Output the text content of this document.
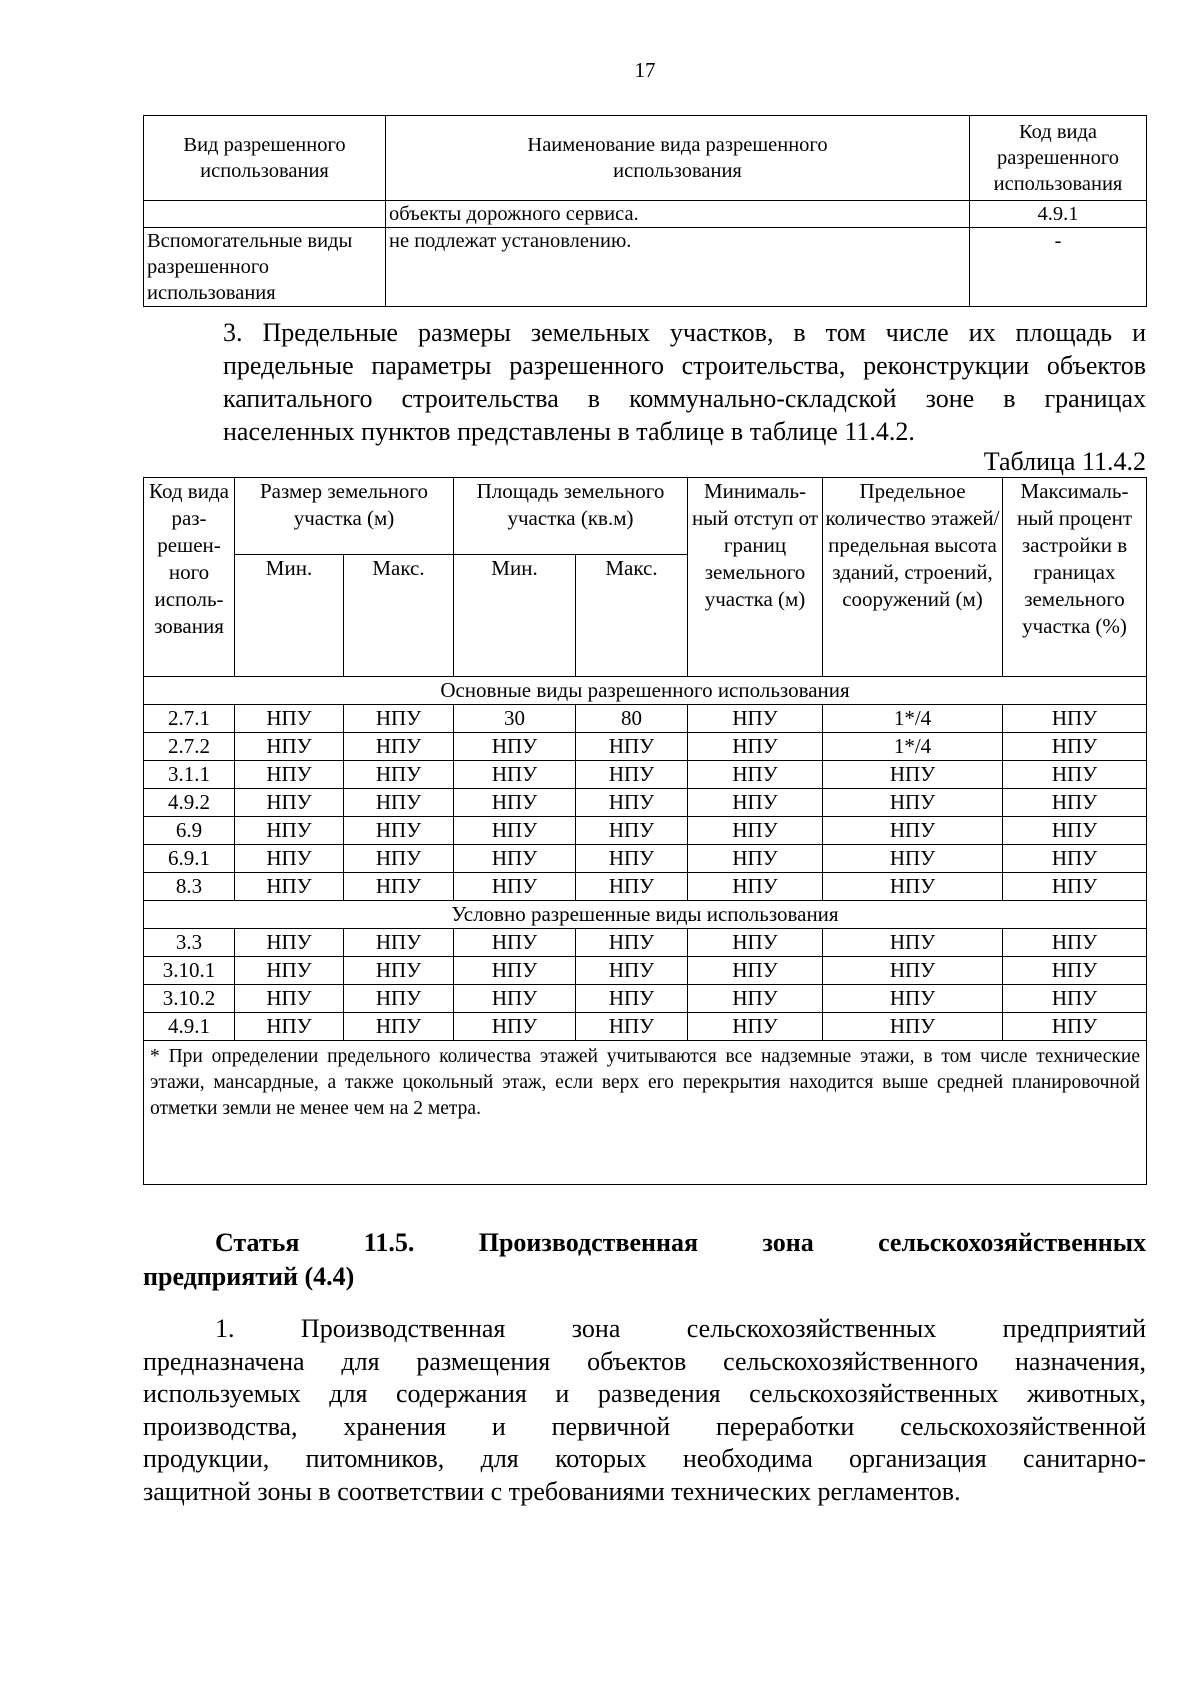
17
Вид разрешенного использования	Наименование вида разрешенного использования	Код вида разрешенного использования
	объекты дорожного сервиса.	4.9.1
Вспомогательные виды разрешенного использования	не подлежат установлению.	-
3. Предельные размеры земельных участков, в том числе их площадь и
предельные параметры разрешенного строительства, реконструкции объектов
капитального строительства в коммунально-складской зоне в границах
населенных пунктов представлены в таблице в таблице 11.4.2.
Таблица 11.4.2
Код вида раз-решен-ного исполь-зования	Размер земельного участка (м)		Площадь земельного участка (кв.м)		Минималь-ный отступ от границ земельного участка (м)	Предельное количество этажей/ предельная высота зданий, строений, сооружений (м)	Максималь-ный процент застройки в границах земельного участка (%)
	Мин.	Макс.	Мин.	Макс.			
Основные виды разрешенного использования							
2.7.1	НПУ	НПУ	30	80	НПУ	1*/4	НПУ
2.7.2	НПУ	НПУ	НПУ	НПУ	НПУ	1*/4	НПУ
3.1.1	НПУ	НПУ	НПУ	НПУ	НПУ	НПУ	НПУ
4.9.2	НПУ	НПУ	НПУ	НПУ	НПУ	НПУ	НПУ
6.9	НПУ	НПУ	НПУ	НПУ	НПУ	НПУ	НПУ
6.9.1	НПУ	НПУ	НПУ	НПУ	НПУ	НПУ	НПУ
8.3	НПУ	НПУ	НПУ	НПУ	НПУ	НПУ	НПУ
Условно разрешенные виды использования							
3.3	НПУ	НПУ	НПУ	НПУ	НПУ	НПУ	НПУ
3.10.1	НПУ	НПУ	НПУ	НПУ	НПУ	НПУ	НПУ
3.10.2	НПУ	НПУ	НПУ	НПУ	НПУ	НПУ	НПУ
4.9.1	НПУ	НПУ	НПУ	НПУ	НПУ	НПУ	НПУ
* При определении предельного количества этажей учитываются все надземные этажи, в том числе технические этажи, мансардные, а также цокольный этаж, если верх его перекрытия находится выше средней планировочной отметки земли не менее чем на 2 метра.							
Статья 11.5. Производственная зона сельскохозяйственных
предприятий (4.4)
1. Производственная зона сельскохозяйственных предприятий
предназначена для размещения объектов сельскохозяйственного назначения,
используемых для содержания и разведения сельскохозяйственных животных,
производства, хранения и первичной переработки сельскохозяйственной
продукции, питомников, для которых необходима организация санитарно-
защитной зоны в соответствии с требованиями технических регламентов.
